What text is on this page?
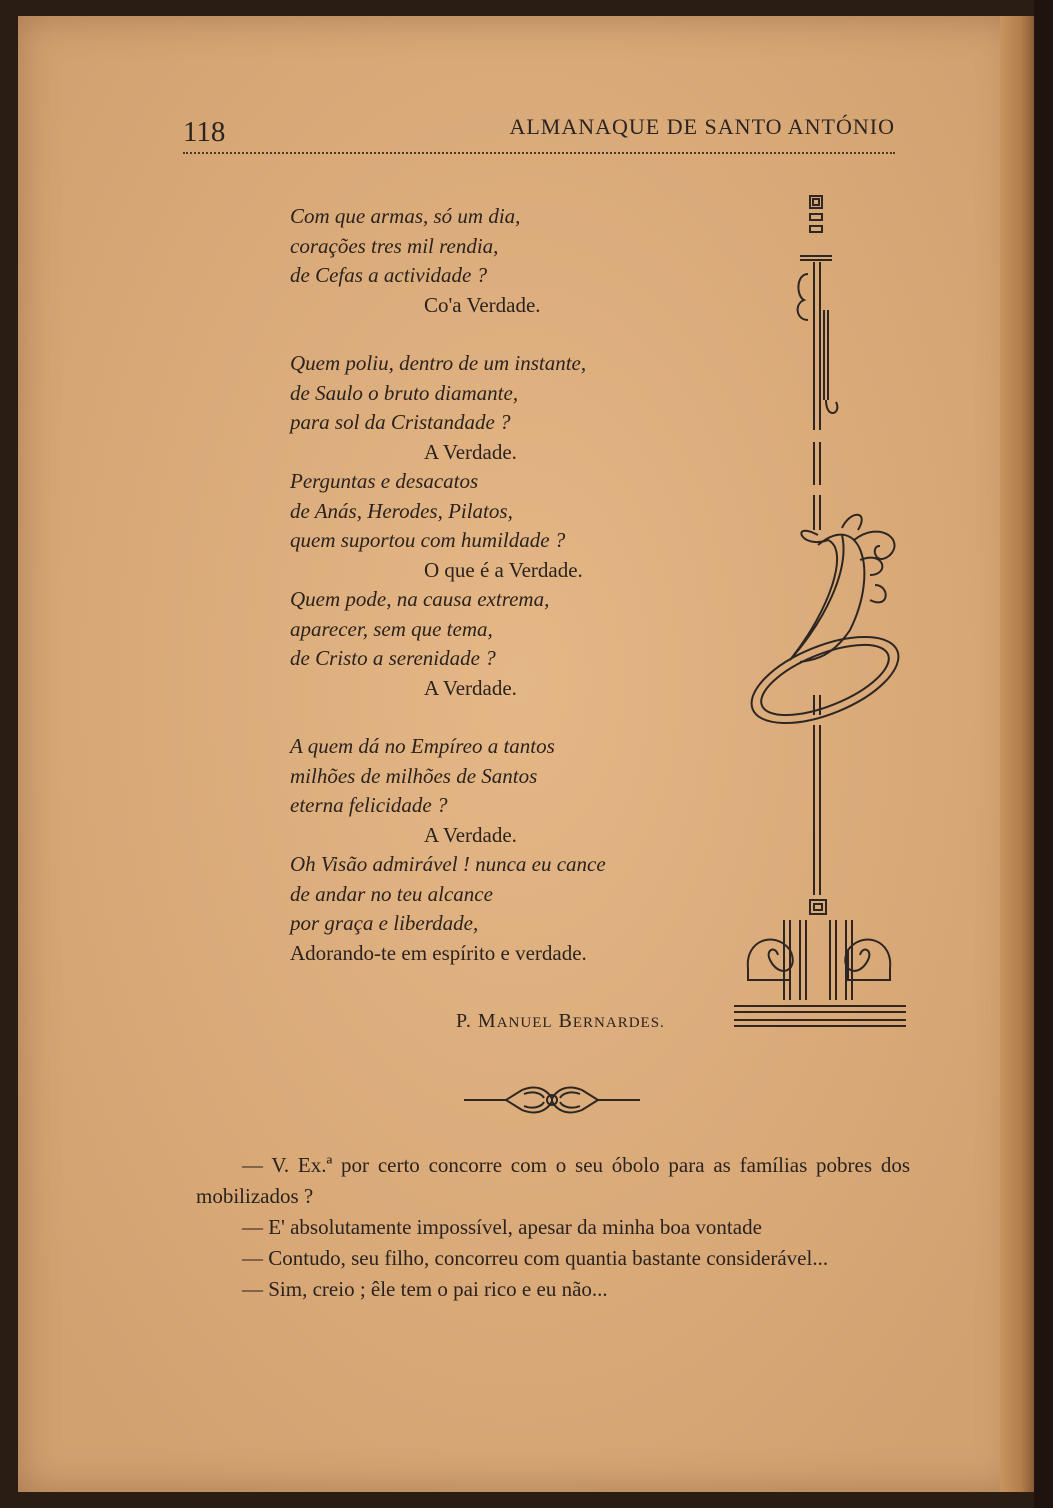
118	ALMANAQUE DE SANTO ANTÓNIO
Com que armas, só um dia,
corações tres mil rendia,
de Cefas a actividade ?
Co'a Verdade.
Quem poliu, dentro de um instante,
de Saulo o bruto diamante,
para sol da Cristandade ?
A Verdade.
Perguntas e desacatos
de Anás, Herodes, Pilatos,
quem suportou com humildade ?
O que é a Verdade.
Quem pode, na causa extrema,
aparecer, sem que tema,
de Cristo a serenidade ?
A Verdade.
A quem dá no Empíreo a tantos
milhões de milhões de Santos
eterna felicidade ?
A Verdade.
Oh Visão admirável ! nunca eu cance
de andar no teu alcance
por graça e liberdade,
Adorando-te em espírito e verdade.
P. MANUEL BERNARDES.

— V. Ex.ª por certo concorre com o seu óbolo para as famílias pobres dos mobilizados ?

— E' absolutamente impossível, apesar da minha boa vontade

— Contudo, seu filho, concorreu com quantia bastante considerável...

— Sim, creio ; êle tem o pai rico e eu não...
